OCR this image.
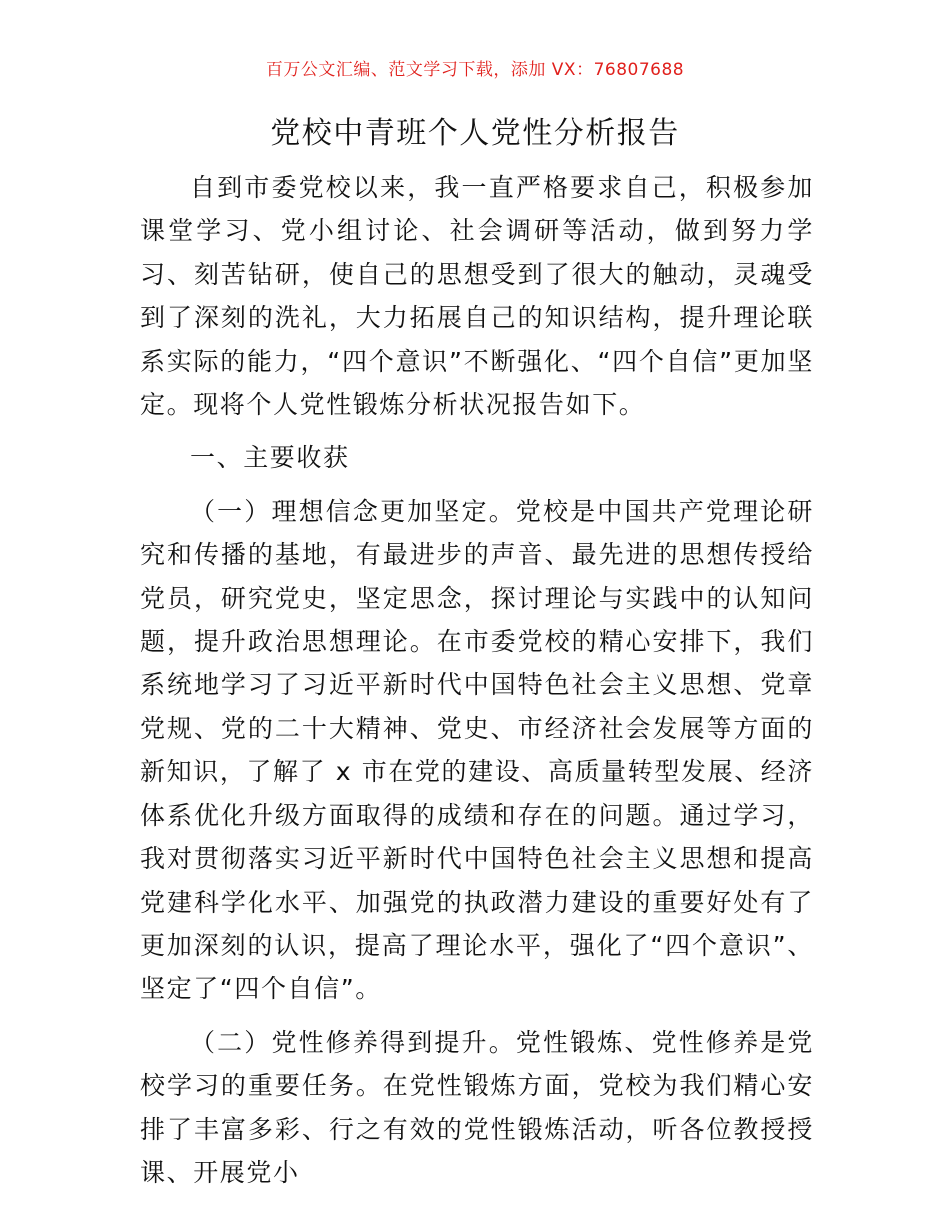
百万公文汇编、范文学习下载，添加 VX：76807688
党校中青班个人党性分析报告

自到市委党校以来，我一直严格要求自己，积极参加课堂学习、党小组讨论、社会调研等活动，做到努力学习、刻苦钻研，使自己的思想受到了很大的触动，灵魂受到了深刻的洗礼，大力拓展自己的知识结构，提升理论联系实际的能力，“四个意识”不断强化、“四个自信”更加坚定。现将个人党性锻炼分析状况报告如下。

一、主要收获

（一）理想信念更加坚定。党校是中国共产党理论研究和传播的基地，有最进步的声音、最先进的思想传授给党员，研究党史，坚定思念，探讨理论与实践中的认知问题，提升政治思想理论。在市委党校的精心安排下，我们系统地学习了习近平新时代中国特色社会主义思想、党章党规、党的二十大精神、党史、市经济社会发展等方面的新知识，了解了 x 市在党的建设、高质量转型发展、经济体系优化升级方面取得的成绩和存在的问题。通过学习，我对贯彻落实习近平新时代中国特色社会主义思想和提高党建科学化水平、加强党的执政潜力建设的重要好处有了更加深刻的认识，提高了理论水平，强化了“四个意识”、坚定了“四个自信”。

（二）党性修养得到提升。党性锻炼、党性修养是党校学习的重要任务。在党性锻炼方面，党校为我们精心安排了丰富多彩、行之有效的党性锻炼活动，听各位教授授课、开展党小
